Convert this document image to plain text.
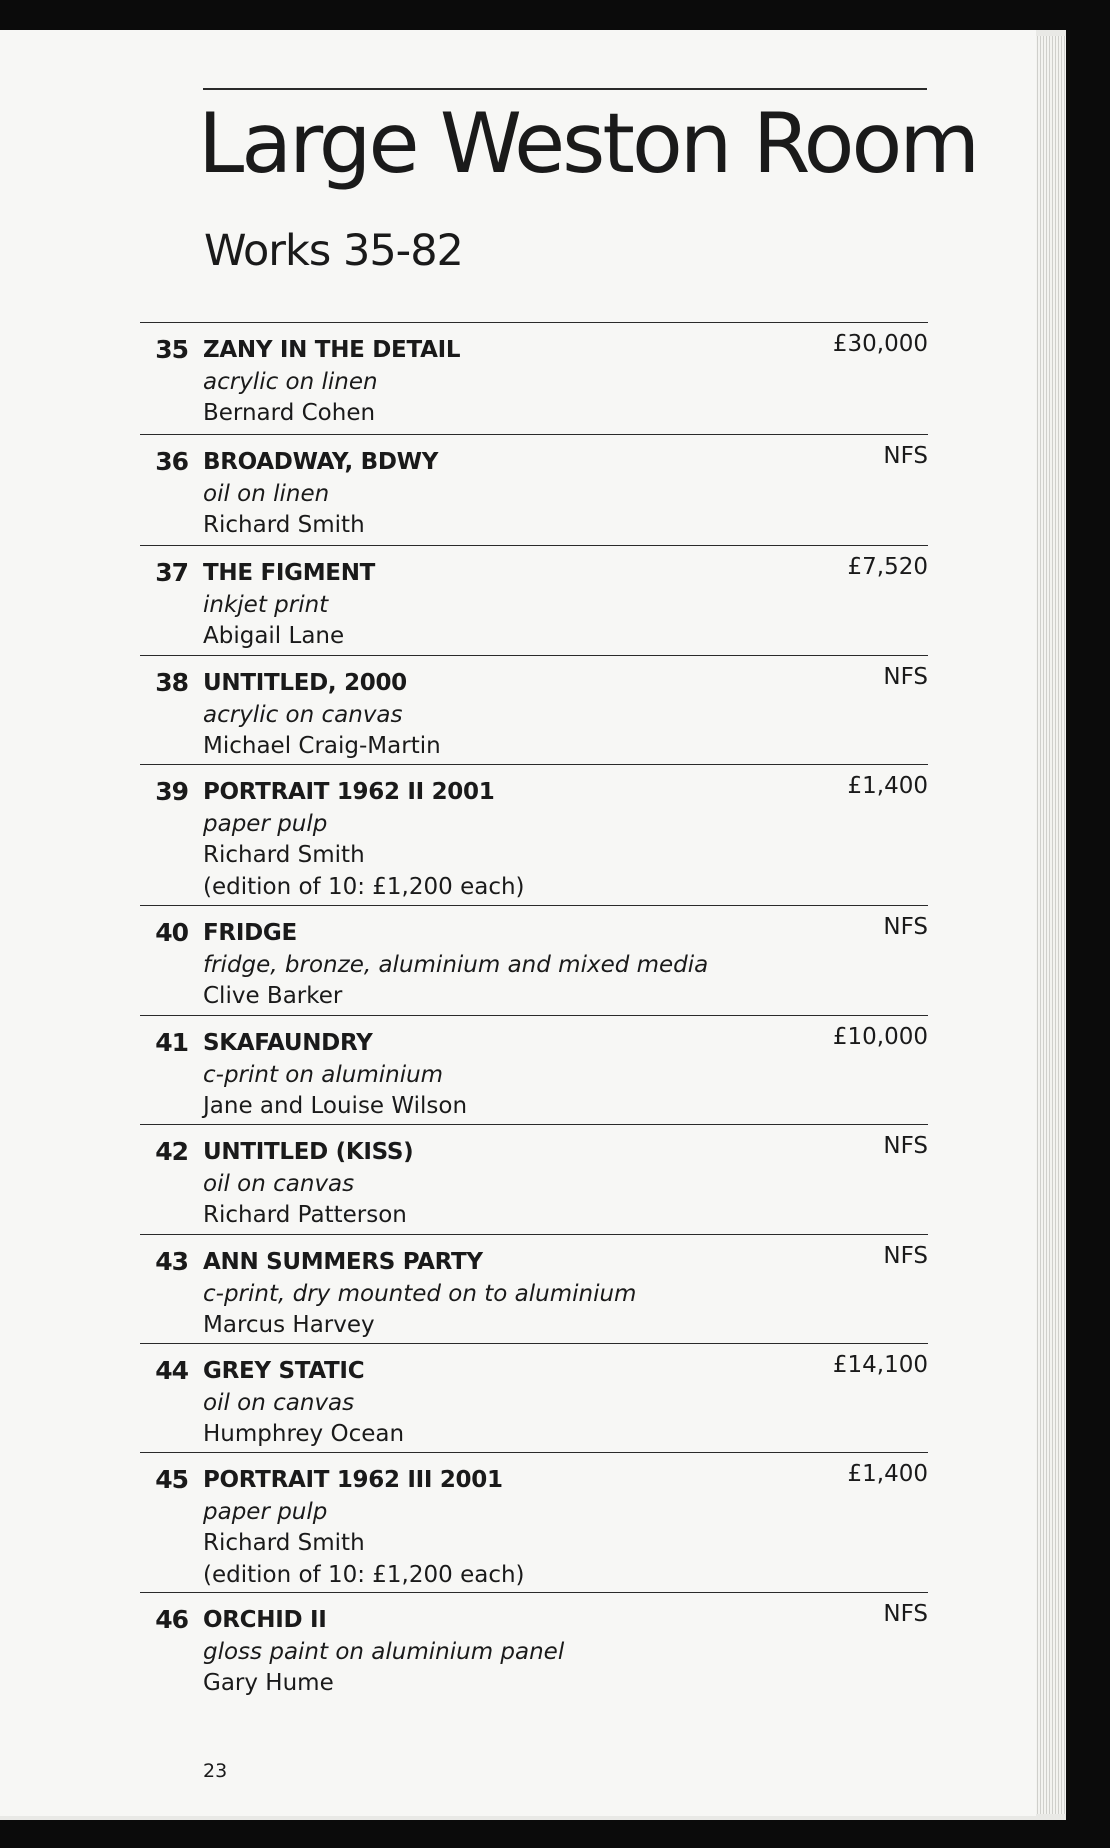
Large Weston Room
Works 35-82
35 ZANY IN THE DETAIL
acrylic on linen
Bernard Cohen
£30,000
36 BROADWAY, BDWY
oil on linen
Richard Smith
NFS
37 THE FIGMENT
inkjet print
Abigail Lane
£7,520
38 UNTITLED, 2000
acrylic on canvas
Michael Craig-Martin
NFS
39 PORTRAIT 1962 II 2001
paper pulp
Richard Smith
(edition of 10: £1,200 each)
£1,400
40 FRIDGE
fridge, bronze, aluminium and mixed media
Clive Barker
NFS
41 SKAFAUNDRY
c-print on aluminium
Jane and Louise Wilson
£10,000
42 UNTITLED (KISS)
oil on canvas
Richard Patterson
NFS
43 ANN SUMMERS PARTY
c-print, dry mounted on to aluminium
Marcus Harvey
NFS
44 GREY STATIC
oil on canvas
Humphrey Ocean
£14,100
45 PORTRAIT 1962 III 2001
paper pulp
Richard Smith
(edition of 10: £1,200 each)
£1,400
46 ORCHID II
gloss paint on aluminium panel
Gary Hume
NFS
23
